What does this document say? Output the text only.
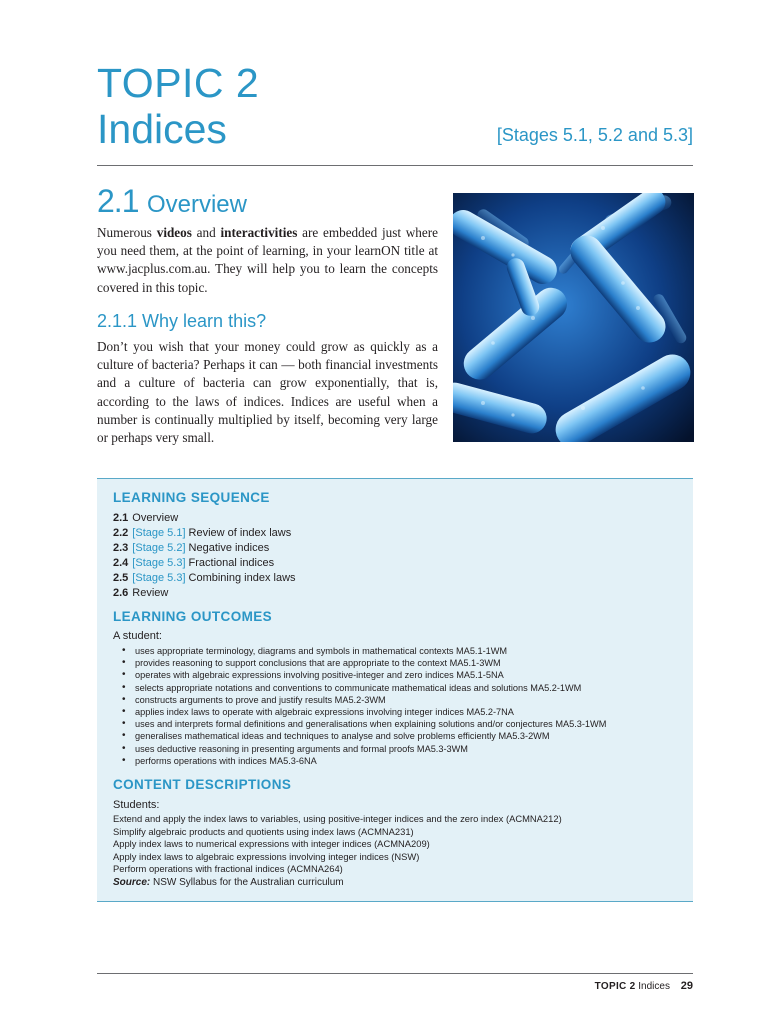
TOPIC 2
Indices	[Stages 5.1, 5.2 and 5.3]
2.1 Overview

Numerous videos and interactivities are embedded just where you need them, at the point of learning, in your learnON title at www.jacplus.com.au. They will help you to learn the concepts covered in this topic.

2.1.1 Why learn this?

Don’t you wish that your money could grow as quickly as a culture of bacteria? Perhaps it can — both financial investments and a culture of bacteria can grow exponentially, that is, according to the laws of indices. Indices are useful when a number is continually multiplied by itself, becoming very large or perhaps very small.

LEARNING SEQUENCE
2.1 Overview
2.2 [Stage 5.1] Review of index laws
2.3 [Stage 5.2] Negative indices
2.4 [Stage 5.3] Fractional indices
2.5 [Stage 5.3] Combining index laws
2.6 Review
LEARNING OUTCOMES
A student:
• uses appropriate terminology, diagrams and symbols in mathematical contexts MA5.1-1WM
• provides reasoning to support conclusions that are appropriate to the context MA5.1-3WM
• operates with algebraic expressions involving positive-integer and zero indices MA5.1-5NA
• selects appropriate notations and conventions to communicate mathematical ideas and solutions MA5.2-1WM
• constructs arguments to prove and justify results MA5.2-3WM
• applies index laws to operate with algebraic expressions involving integer indices MA5.2-7NA
• uses and interprets formal definitions and generalisations when explaining solutions and/or conjectures MA5.3-1WM
• generalises mathematical ideas and techniques to analyse and solve problems efficiently MA5.3-2WM
• uses deductive reasoning in presenting arguments and formal proofs MA5.3-3WM
• performs operations with indices MA5.3-6NA
CONTENT DESCRIPTIONS
Students:
Extend and apply the index laws to variables, using positive-integer indices and the zero index (ACMNA212)
Simplify algebraic products and quotients using index laws (ACMNA231)
Apply index laws to numerical expressions with integer indices (ACMNA209)
Apply index laws to algebraic expressions involving integer indices (NSW)
Perform operations with fractional indices (ACMNA264)
Source: NSW Syllabus for the Australian curriculum
TOPIC 2 Indices 29
